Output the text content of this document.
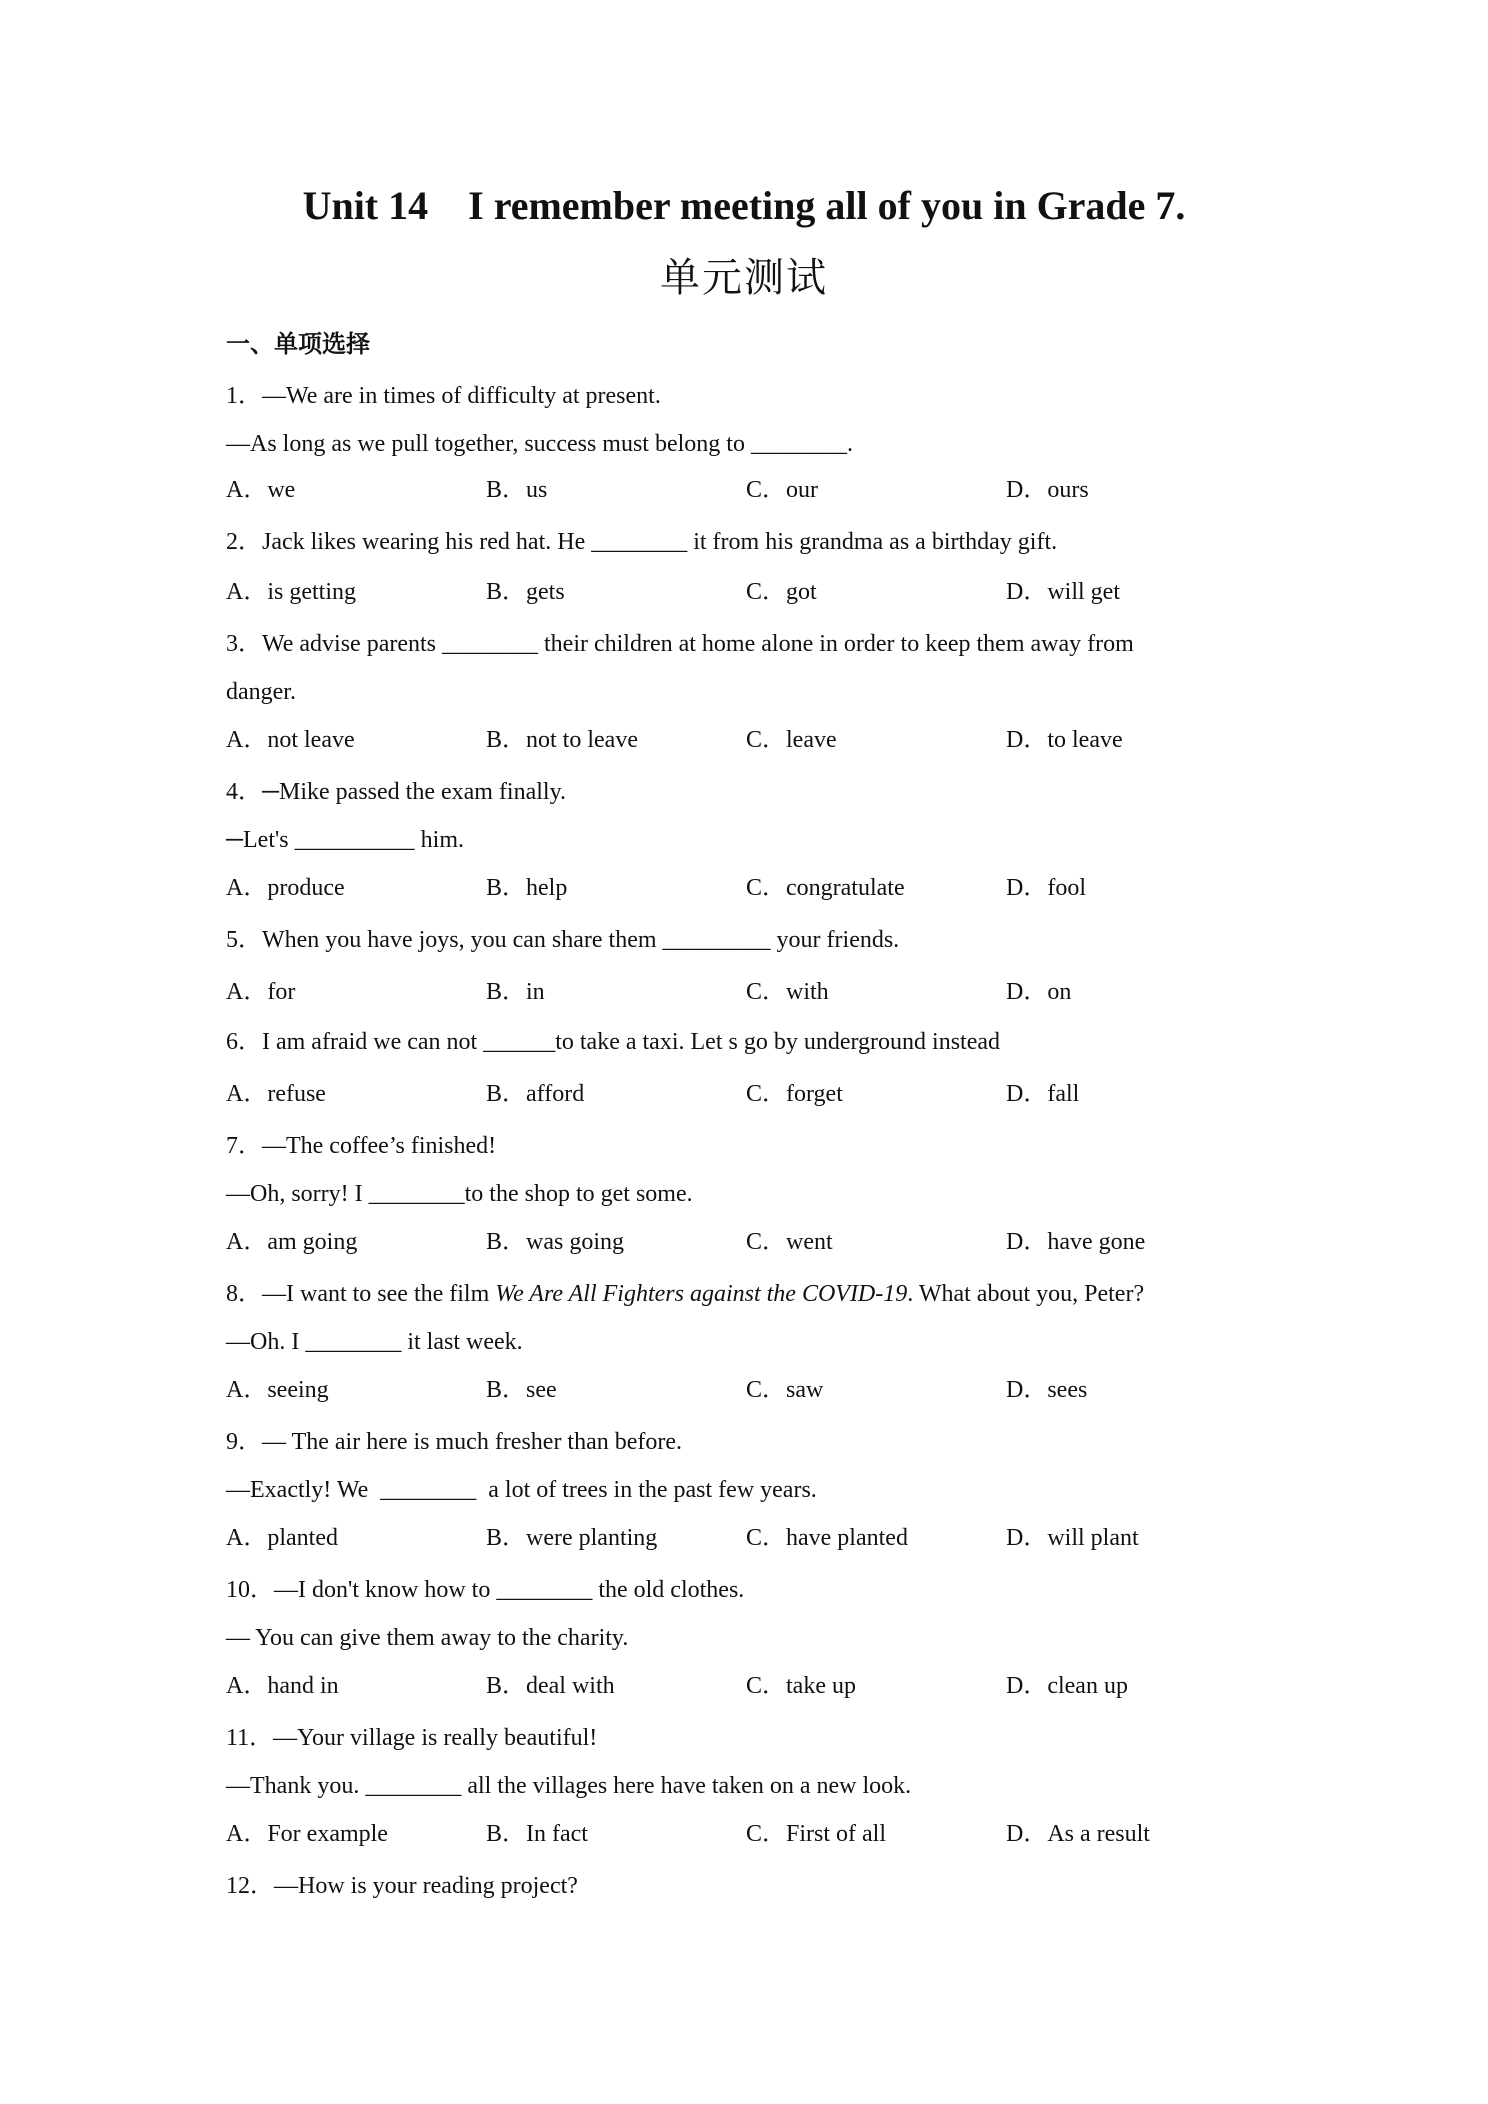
Unit 14    I remember meeting all of you in Grade 7.
单元测试
一、单项选择
1．—We are in times of difficulty at present.
—As long as we pull together, success must belong to ________.
A．we	B．us	C．our	D．ours
2．Jack likes wearing his red hat. He ________ it from his grandma as a birthday gift.
A．is getting	B．gets	C．got	D．will get
3．We advise parents ________ their children at home alone in order to keep them away from
danger.
A．not leave	B．not to leave	C．leave	D．to leave
4．─Mike passed the exam finally.
─Let's __________ him.
A．produce	B．help	C．congratulate	D．fool
5．When you have joys, you can share them _________ your friends.
A．for	B．in	C．with	D．on
6．I am afraid we can not ______to take a taxi. Let s go by underground instead
A．refuse	B．afford	C．forget	D．fall
7．—The coffee’s finished!
—Oh, sorry! I ________to the shop to get some.
A．am going	B．was going	C．went	D．have gone
8．—I want to see the film We Are All Fighters against the COVID-19. What about you, Peter?
—Oh. I ________ it last week.
A．seeing	B．see	C．saw	D．sees
9．— The air here is much fresher than before.
—Exactly! We  ________  a lot of trees in the past few years.
A．planted	B．were planting	C．have planted	D．will plant
10．—I don't know how to ________ the old clothes.
— You can give them away to the charity.
A．hand in	B．deal with	C．take up	D．clean up
11．—Your village is really beautiful!
—Thank you. ________ all the villages here have taken on a new look.
A．For example	B．In fact	C．First of all	D．As a result
12．—How is your reading project?
